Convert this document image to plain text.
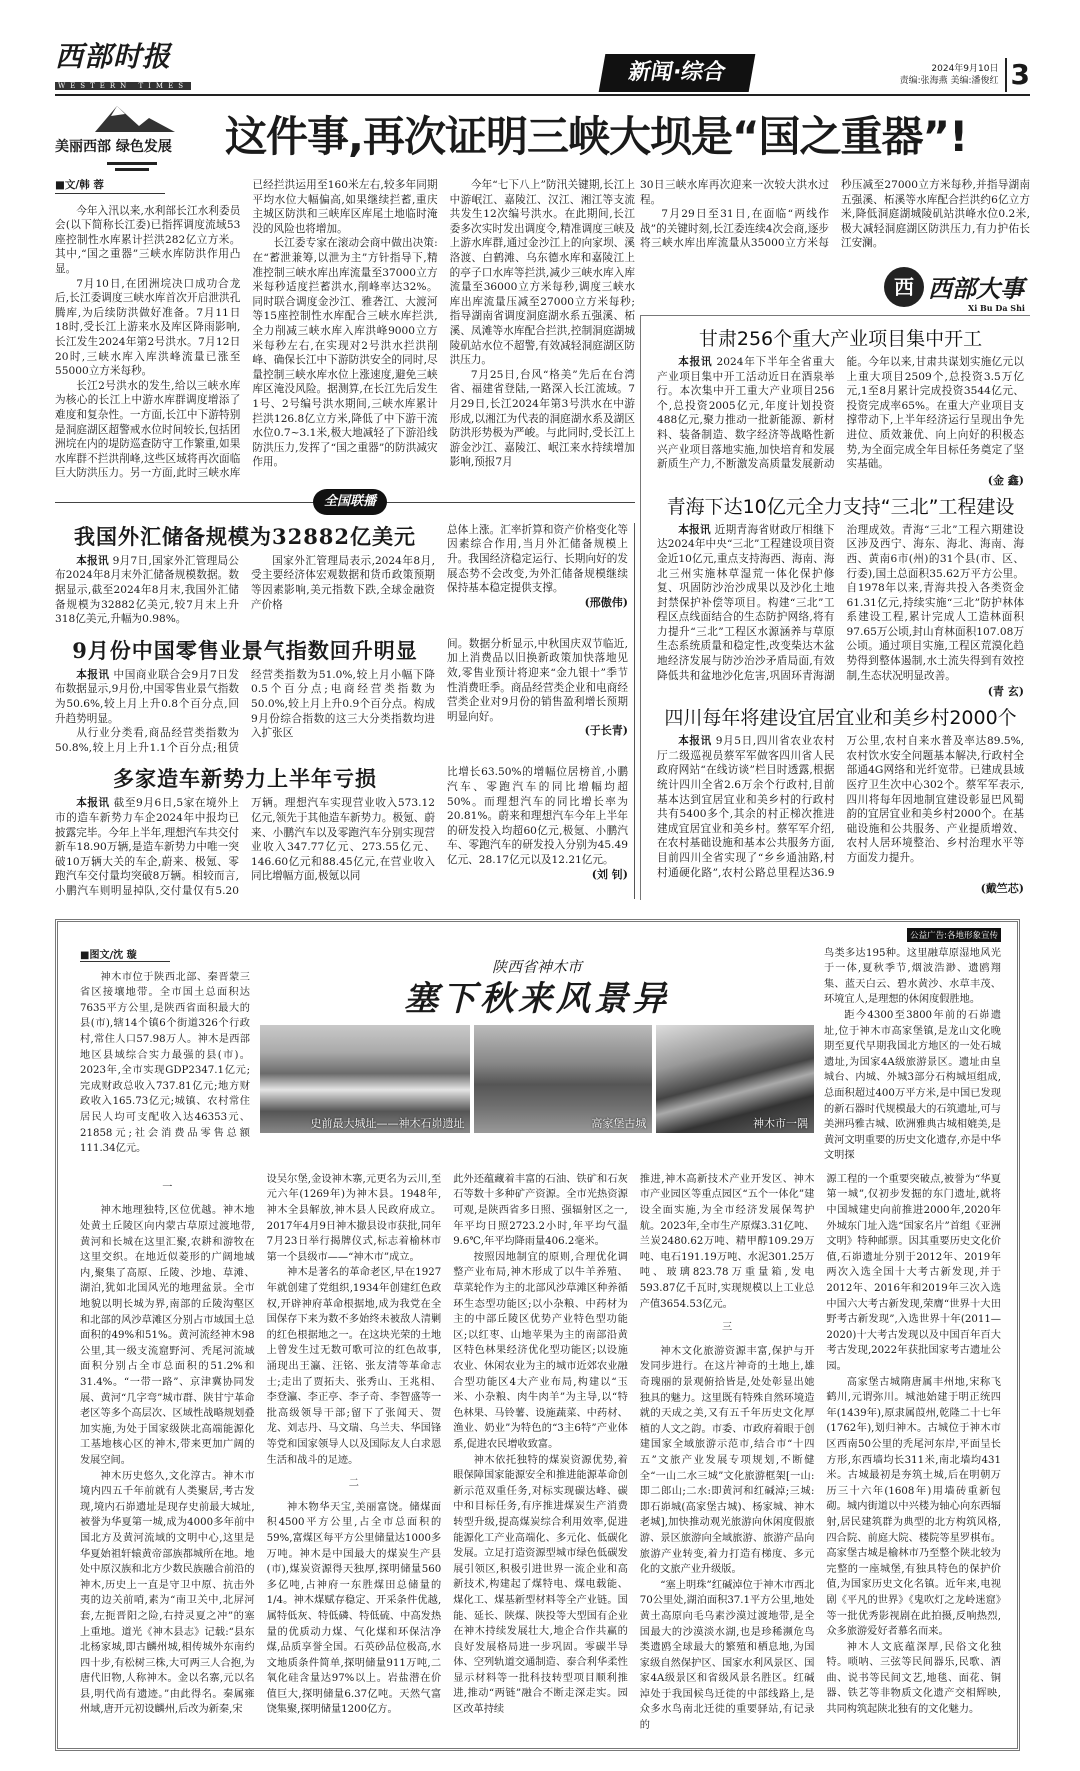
西部时报
WESTERN TIMES
新闻·综合	2024年9月10日
责编:张海燕 美编:潘俊红 3
美丽西部 绿色发展 这件事,再次证明三峡大坝是“国之重器”!

■文/韩 蓉

今年入汛以来,水利部长江水利委员会(以下简称长江委)已指挥调度流域53座控制性水库累计拦洪282亿立方米。其中,“国之重器”三峡水库防洪作用凸显。

7月10日,在团洲垸决口成功合龙后,长江委调度三峡水库首次开启泄洪孔腾库,为后续防洪做好准备。7月11日18时,受长江上游来水及库区降雨影响,长江发生2024年第2号洪水。7月12日20时,三峡水库入库洪峰流量已涨至55000立方米每秒。

长江2号洪水的发生,给以三峡水库为核心的长江上中游水库群调度增添了难度和复杂性。一方面,长江中下游特别是洞庭湖区超警戒水位时间较长,包括团洲垸在内的堤防巡查防守工作繁重,如果水库群不拦洪削峰,这些区域将再次面临巨大防洪压力。另一方面,此时三峡水库已经拦洪运用至160米左右,较多年同期平均水位大幅偏高,如果继续拦蓄,重庆主城区防洪和三峡库区库尾土地临时淹没的风险也将增加。

长江委专家在滚动会商中做出决策:在“蓄泄兼筹,以泄为主”方针指导下,精准控制三峡水库出库流量至37000立方米每秒适度拦蓄洪水,削峰率达32%。同时联合调度金沙江、雅砻江、大渡河等15座控制性水库配合三峡水库拦洪,全力削减三峡水库入库洪峰9000立方米每秒左右,在实现对2号洪水拦洪削峰、确保长江中下游防洪安全的同时,尽量控制三峡水库水位上涨速度,避免三峡库区淹没风险。据测算,在长江先后发生1号、2号编号洪水期间,三峡水库累计拦洪126.8亿立方米,降低了中下游干流水位0.7~3.1米,极大地减轻了下游沿线防洪压力,发挥了“国之重器”的防洪减灾作用。

今年“七下八上”防汛关键期,长江上中游岷江、嘉陵江、汉江、湘江等支流共发生12次编号洪水。在此期间,长江委多次实时发出调度令,精准调度三峡及上游水库群,通过金沙江上的向家坝、溪洛渡、白鹤滩、乌东德水库和嘉陵江上的亭子口水库等拦洪,减少三峡水库入库流量至36000立方米每秒,调度三峡水库出库流量压减至27000立方米每秒;指导湖南省调度洞庭湖水系五强溪、柘溪、凤滩等水库配合拦洪,控制洞庭湖城陵矶站水位不超警,有效减轻洞庭湖区防洪压力。

7月25日,台风“格美”先后在台湾省、福建省登陆,一路深入长江流域。7月29日,长江2024年第3号洪水在中游形成,以湘江为代表的洞庭湖水系及湖区防洪形势极为严峻。与此同时,受长江上游金沙江、嘉陵江、岷江来水持续增加影响,预报7月

全国联播
我国外汇储备规模为32882亿美元

本报讯 9月7日,国家外汇管理局公布2024年8月末外汇储备规模数据。数据显示,截至2024年8月末,我国外汇储备规模为32882亿美元,较7月末上升318亿美元,升幅为0.98%。

国家外汇管理局表示,2024年8月,受主要经济体宏观数据和货币政策预期等因素影响,美元指数下跌,全球金融资产价格

总体上涨。汇率折算和资产价格变化等因素综合作用,当月外汇储备规模上升。我国经济稳定运行、长期向好的发展态势不会改变,为外汇储备规模继续保持基本稳定提供支撑。
(邢傲伟)
9月份中国零售业景气指数回升明显

本报讯 中国商业联合会9月7日发布数据显示,9月份,中国零售业景气指数为50.6%,较上月上升0.8个百分点,回升趋势明显。

从行业分类看,商品经营类指数为50.8%,较上月上升1.1个百分点;租赁经营类指数为51.0%,较上月小幅下降0.5个百分点;电商经营类指数为50.0%,较上月上升0.9个百分点。构成9月份综合指数的这三大分类指数均进入扩张区

间。数据分析显示,中秋国庆双节临近,加上消费品以旧换新政策加快落地见效,零售业预计将迎来“金九银十”季节性消费旺季。商品经营类企业和电商经营类企业对9月份的销售盈利增长预期明显向好。
(于长青)
多家造车新势力上半年亏损

本报讯 截至9月6日,5家在境外上市的造车新势力车企2024年中报均已披露完毕。今年上半年,理想汽车共交付新车18.90万辆,是造车新势力中唯一突破10万辆大关的车企,蔚来、极氪、零跑汽车交付量均突破8万辆。相较而言,小鹏汽车则明显掉队,交付量仅有5.20万辆。理想汽车实现营业收入573.12亿元,领先于其他造车新势力。极氪、蔚来、小鹏汽车以及零跑汽车分别实现营业收入347.77亿元、273.55亿元、146.60亿元和88.45亿元,在营业收入同比增幅方面,极氪以同

比增长63.50%的增幅位居榜首,小鹏汽车、零跑汽车的同比增幅均超50%。而理想汽车的同比增长率为20.81%。蔚来和理想汽车今年上半年的研发投入均超60亿元,极氪、小鹏汽车、零跑汽车的研发投入分别为45.49亿元、28.17亿元以及12.21亿元。
(刘 钊)
30日三峡水库再次迎来一次较大洪水过程。

7月29日至31日,在面临“两线作战”的关键时刻,长江委连续4次会商,逐步将三峡水库出库流量从35000立方米每秒压减至27000立方米每秒,并指导湖南五强溪、柘溪等水库配合拦洪约6亿立方米,降低洞庭湖城陵矶站洪峰水位0.2米,极大减轻洞庭湖区防洪压力,有力护佑长江安澜。

西 西部大事
Xi Bu Da Shi
甘肃256个重大产业项目集中开工

本报讯 2024年下半年全省重大产业项目集中开工活动近日在酒泉举行。本次集中开工重大产业项目256个,总投资2005亿元,年度计划投资488亿元,聚力推动一批新能源、新材料、装备制造、数字经济等战略性新兴产业项目落地实施,加快培育和发展新质生产力,不断激发高质量发展新动能。今年以来,甘肃共谋划实施亿元以上重大项目2509个,总投资3.5万亿元,1至8月累计完成投资3544亿元、投资完成率65%。在重大产业项目支撑带动下,上半年经济运行呈现出争先进位、质效兼优、向上向好的积极态势,为全面完成全年目标任务奠定了坚实基础。

(金 鑫)
青海下达10亿元全力支持“三北”工程建设

本报讯 近期青海省财政厅相继下达2024年中央“三北”工程建设项目资金近10亿元,重点支持海西、海南、海北三州实施林草湿荒一体化保护修复、巩固防沙治沙成果以及沙化土地封禁保护补偿等项目。构建“三北”工程区点线面结合的生态防护网络,将有力提升“三北”工程区水源涵养与草原生态系统质量和稳定性,改变柴达木盆地经济发展与防沙治沙矛盾局面,有效降低共和盆地沙化危害,巩固环青海湖治理成效。青海“三北”工程六期建设区涉及西宁、海东、海北、海南、海西、黄南6市(州)的31个县(市、区、行委),国土总面积35.62万平方公里。自1978年以来,青海共投入各类资金61.31亿元,持续实施“三北”防护林体系建设工程,累计完成人工造林面积97.65万公顷,封山育林面积107.08万公顷。通过项目实施,工程区荒漠化趋势得到整体遏制,水土流失得到有效控制,生态状况明显改善。

(青 玄)
四川每年将建设宜居宜业和美乡村2000个

本报讯 9月5日,四川省农业农村厅二级巡视员蔡军军做客四川省人民政府网站“在线访谈”栏目时透露,根据统计四川全省2.6万余个行政村,目前基本达到宜居宜业和美乡村的行政村共有5400多个,其余的村正梯次推进建成宜居宜业和美乡村。蔡军军介绍,在农村基础设施和基本公共服务方面,目前四川全省实现了“乡乡通油路,村村通硬化路”,农村公路总里程达36.9万公里,农村自来水普及率达89.5%,农村饮水安全问题基本解决,行政村全部通4G网络和光纤宽带。已建成县域医疗卫生次中心302个。蔡军军表示,四川将每年因地制宜建设彰显巴风蜀韵的宜居宜业和美乡村2000个。在基础设施和公共服务、产业提质增效、农村人居环境整治、乡村治理水平等方面发力提升。

(戴竺芯)
公益广告:各地形象宣传
■图文/沈 璇

神木市位于陕西北部、秦晋蒙三省区接壤地带。全市国土总面积达7635平方公里,是陕西省面积最大的县(市),辖14个镇6个街道326个行政村,常住人口57.98万人。神木是西部地区县域综合实力最强的县(市)。2023年,全市实现GDP2347.1亿元;完成财政总收入737.81亿元;地方财政收入165.73亿元;城镇、农村常住居民人均可支配收入达46353元、21858元;社会消费品零售总额111.34亿元。

陕西省神木市
塞下秋来风景异
史前最大城址——神木石峁遗址	高家堡古城	神木市一隅

鸟类多达195种。这里融草原湿地风光于一体,夏秋季节,烟波浩渺、遗鸥翔集、蓝天白云、碧水黄沙、水草丰茂、环境宜人,是理想的休闲度假胜地。

距今4300至3800年前的石峁遗址,位于神木市高家堡镇,是龙山文化晚期至夏代早期我国北方地区的一处石城遗址,为国家4A级旅游景区。遗址由皇城台、内城、外城3部分石构城垣组成,总面积超过400万平方米,是中国已发现的新石器时代规模最大的石筑遗址,可与美洲玛雅古城、欧洲雅典古城相媲美,是黄河文明重要的历史文化遗存,亦是中华文明探

一

神木地理独特,区位优越。神木地处黄土丘陵区向内蒙古草原过渡地带,黄河和长城在这里汇聚,农耕和游牧在这里交织。在地近似菱形的广阔地域内,聚集了高原、丘陵、沙地、草滩、湖泊,犹如北国风光的地理盆景。全市地貌以明长城为界,南部的丘陵沟壑区和北部的风沙草滩区分别占市域国土总面积的49%和51%。黄河流经神木98公里,其一级支流窟野河、秃尾河流域面积分别占全市总面积的51.2%和31.4%。“一带一路”、京津冀协同发展、黄河“几字弯”城市群、陕甘宁革命老区等多个高层次、区域性战略规划叠加实施,为处于国家级陕北高端能源化工基地核心区的神木,带来更加广阔的发展空间。

神木历史悠久,文化淳古。神木市境内四五千年前就有人类聚居,考古发现,境内石峁遗址是现存史前最大城址,被誉为华夏第一城,成为4000多年前中国北方及黄河流域的文明中心,这里是华夏始祖轩辕黄帝部族都城所在地。地处中原汉族和北方少数民族融合前沿的神木,历史上一直是守卫中原、抗击外夷的边关前哨,素为“南卫关中,北屏河套,左扼晋阳之险,右持灵夏之冲”的塞上重地。道光《神木县志》记载:“县东北杨家城,即古麟州城,相传城外东南约四十步,有松树三株,大可两三人合抱,为唐代旧物,人称神木。金以名寨,元以名县,明代尚有遗迹。”由此得名。秦属雍州域,唐开元初设麟州,后改为新秦,宋

设吴尔堡,金设神木寨,元更名为云川,至元六年(1269年)为神木县。1948年,神木全县解放,神木县人民政府成立。2017年4月9日神木撤县设市获批,同年7月23日举行揭牌仪式,标志着榆林市第一个县级市——“神木市”成立。

神木是著名的革命老区,早在1927年就创建了党组织,1934年创建红色政权,开辟神府革命根据地,成为我党在全国保存下来为数不多始终未被敌人清剿的红色根据地之一。在这块光荣的土地上曾发生过无数可歌可泣的红色故事,涌现出王瀛、汪铭、张友清等革命志士;走出了贾拓夫、张秀山、王兆相、李登瀛、李正亭、李子奇、李智盛等一批高级领导干部;留下了张闻天、贺龙、刘志丹、马文瑞、乌兰夫、华国锋等党和国家领导人以及国际友人白求恩生活和战斗的足迹。

二

神木物华天宝,美丽富饶。储煤面积4500平方公里,占全市总面积的59%,富煤区每平方公里储量达1000多万吨。神木是中国最大的煤炭生产县(市),煤炭资源得天独厚,探明储量560多亿吨,占神府一东胜煤田总储量的1/4。神木煤赋存稳定、开采条件优越,属特低灰、特低磷、特低硫、中高发热量的优质动力煤、气化煤和环保洁净煤,品质享誉全国。石英砂品位极高,水文地质条件简单,探明储量911万吨,二氧化硅含量达97%以上。岩盐潜在价值巨大,探明储量6.37亿吨。天然气富饶集聚,探明储量1200亿方。

此外还蕴藏着丰富的石油、铁矿和石灰石等数十多种矿产资源。全市光热资源可观,是陕西省多日照、强辐射区之一,年平均日照2723.2小时,年平均气温9.6℃,年平均降雨量406.2毫米。

按照因地制宜的原则,合理优化调整产业布局,神木形成了以牛羊养殖、草菜轮作为主的北部风沙草滩区种养循环生态型功能区;以小杂粮、中药材为主的中部丘陵区优势产业特色型功能区;以红枣、山地苹果为主的南部沿黄区特色林果经济优化型功能区;以设施农业、休闲农业为主的城市近郊农业融合型功能区4大产业布局,构建以“玉米、小杂粮、肉牛肉羊”为主导,以“特色林果、马铃薯、设施蔬菜、中药材、渔业、奶业”为特色的“3主6特”产业体系,促进农民增收致富。

神木依托独特的煤炭资源优势,着眼保障国家能源安全和推进能源革命创新示范双重任务,对标实现碳达峰、碳中和目标任务,有序推进煤炭生产消费转型升级,提高煤炭综合利用效率,促进能源化工产业高端化、多元化、低碳化发展。立足打造资源型城市绿色低碳发展引领区,积极引进世界一流企业和高新技术,构建起了煤特电、煤电载能、煤化工、煤基新型材料等全产业链。国能、延长、陕煤、陕投等大型国有企业在神木持续发展壮大,地企合作共赢的良好发展格局进一步巩固。零碳半导体、空列轨道交通制造、泰合利华柔性显示材料等一批科技转型项目顺利推进,推动“两链”融合不断走深走实。园区改革持续

推进,神木高新技术产业开发区、神木市产业园区等重点园区“五个一体化”建设全面实施,为全市经济发展保驾护航。2023年,全市生产原煤3.31亿吨、兰炭2480.62万吨、精甲醇109.29万吨、电石191.19万吨、水泥301.25万吨、玻璃823.78万重量箱,发电593.87亿千瓦时,实现规模以上工业总产值3654.53亿元。

三

神木文化旅游资源丰富,保护与开发同步进行。在这片神奇的土地上,雄奇瑰丽的景观俯拾皆是,处处彰显出她独具的魅力。这里既有特殊自然环境造就的天成之美,又有五千年历史文化厚植的人文之韵。市委、市政府着眼于创建国家全域旅游示范市,结合市“十四五”文旅产业发展专项规划,不断健全“一山二水三城”文化旅游框架[一山:即二郎山;二水:即黄河和红碱淖;三城:即石峁城(高家堡古城)、杨家城、神木老城],加快推动观光旅游向休闲度假旅游、景区旅游向全域旅游、旅游产品向旅游产业转变,着力打造有梯度、多元化的文旅产业升级版。

“塞上明珠”红碱淖位于神木市西北70公里处,湖泊面积37.1平方公里,地处黄土高原向毛乌素沙漠过渡地带,是全国最大的沙漠淡水湖,也是珍稀濒危鸟类遗鸥全球最大的繁殖和栖息地,为国家级自然保护区、国家水利风景区、国家4A级景区和省级风景名胜区。红碱淖处于我国候鸟迁徙的中部线路上,是众多水鸟南北迁徙的重要驿站,有记录的

源工程的一个重要突破点,被誉为“华夏第一城”,仅初步发掘的东门遗址,就将中国城建史向前推进2000年,2020年外城东门址入选“国家名片”首组《亚洲文明》特种邮票。因其重要历史文化价值,石峁遗址分别于2012年、2019年两次入选全国十大考古新发现,并于2012年、2016年和2019年三次入选中国六大考古新发现,荣膺“世界十大田野考古新发现”,入选世界十年(2011—2020)十大考古发现以及中国百年百大考古发现,2022年获批国家考古遗址公园。

高家堡古城隋唐属丰州地,宋称飞鹤川,元谓弥川。城池始建于明正统四年(1439年),原隶属葭州,乾隆二十七年(1762年),划归神木。古城位于神木市区西南50公里的秃尾河东岸,平面呈长方形,东西墙均长311米,南北墙均431米。古城最初是夯筑土城,后在明朝万历三十六年(1608年)用墙砖重新包砌。城内街道以中兴楼为轴心向东西辐射,居民建筑群为典型的北方构筑风格,四合院、前庭大院、楼院等星罗棋布。高家堡古城是榆林市乃至整个陕北较为完整的一座城堡,有独具特色的保护价值,为国家历史文化名镇。近年来,电视剧《平凡的世界》《鬼吹灯之龙岭迷窟》等一批优秀影视剧在此拍摄,反响热烈,众多旅游爱好者慕名而来。

神木人文底蕴深厚,民俗文化独特。唢呐、三弦等民间器乐,民歌、酒曲、说书等民间文艺,地毯、面花、铜器、铁艺等非物质文化遗产交相辉映,共同构筑起陕北独有的文化魅力。
